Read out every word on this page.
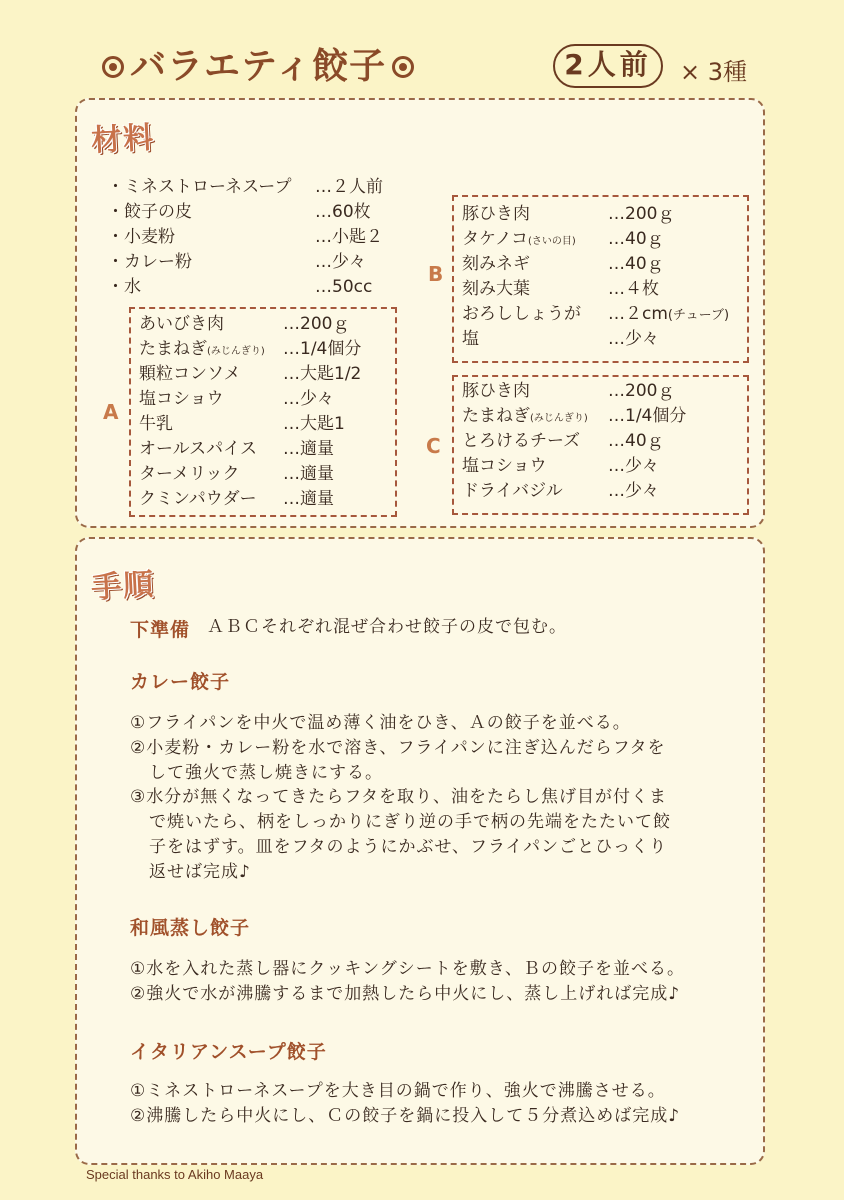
バラエティ餃子	2人前	× 3種
材料
・ミネストローネスープ …２人前
・餃子の皮	…60枚
・小麦粉	…小匙２
・カレー粉	…少々
・水	…50cc
A
あいびき肉	…200ｇ
たまねぎ(みじんぎり) …1/4個分
顆粒コンソメ …大匙1/2
塩コショウ	…少々
牛乳	…大匙1
オールスパイス …適量
ターメリック	…適量
クミンパウダー …適量
B
豚ひき肉	…200ｇ
タケノコ(さいの目) …40ｇ
刻みネギ	…40ｇ
刻み大葉	…４枚
おろししょうが …２cm(チューブ)
塩	…少々
C
豚ひき肉	…200ｇ
たまねぎ(みじんぎり) …1/4個分
とろけるチーズ …40ｇ
塩コショウ	…少々
ドライバジル	…少々
手順
下準備 ＡＢＣそれぞれ混ぜ合わせ餃子の皮で包む。
カレー餃子
①フライパンを中火で温め薄く油をひき、Ａの餃子を並べる。
②小麦粉・カレー粉を水で溶き、フライパンに注ぎ込んだらフタを
して強火で蒸し焼きにする。
③水分が無くなってきたらフタを取り、油をたらし焦げ目が付くま
で焼いたら、柄をしっかりにぎり逆の手で柄の先端をたたいて餃
子をはずす。皿をフタのようにかぶせ、フライパンごとひっくり
返せば完成♪
和風蒸し餃子
①水を入れた蒸し器にクッキングシートを敷き、Ｂの餃子を並べる。
②強火で水が沸騰するまで加熱したら中火にし、蒸し上げれば完成♪
イタリアンスープ餃子
①ミネストローネスープを大き目の鍋で作り、強火で沸騰させる。
②沸騰したら中火にし、Ｃの餃子を鍋に投入して５分煮込めば完成♪
Special thanks to Akiho Maaya
